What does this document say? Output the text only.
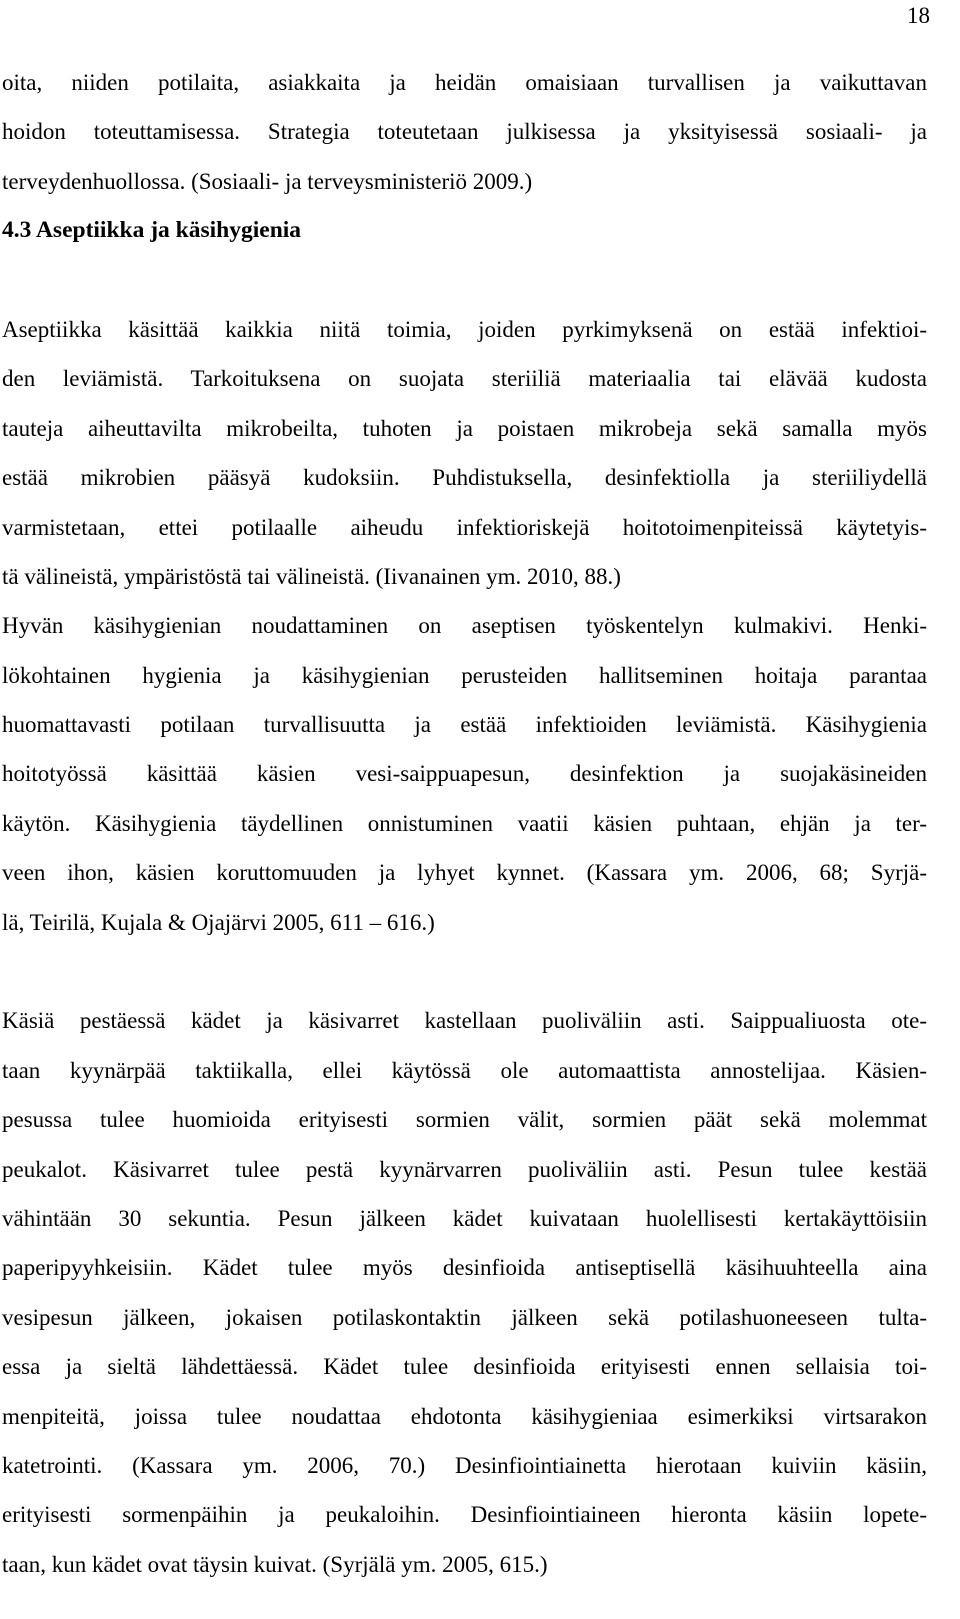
18
oita, niiden potilaita, asiakkaita ja heidän omaisiaan turvallisen ja vaikuttavan
hoidon toteuttamisessa. Strategia toteutetaan julkisessa ja yksityisessä sosiaali- ja
terveydenhuollossa. (Sosiaali- ja terveysministeriö 2009.)
4.3 Aseptiikka ja käsihygienia
Aseptiikka käsittää kaikkia niitä toimia, joiden pyrkimyksenä on estää infektioi-
den leviämistä. Tarkoituksena on suojata steriiliä materiaalia tai elävää kudosta
tauteja aiheuttavilta mikrobeilta, tuhoten ja poistaen mikrobeja sekä samalla myös
estää mikrobien pääsyä kudoksiin. Puhdistuksella, desinfektiolla ja steriiliydellä
varmistetaan, ettei potilaalle aiheudu infektioriskejä hoitotoimenpiteissä käytetyis-
tä välineistä, ympäristöstä tai välineistä. (Iivanainen ym. 2010, 88.)
Hyvän käsihygienian noudattaminen on aseptisen työskentelyn kulmakivi. Henki-
lökohtainen hygienia ja käsihygienian perusteiden hallitseminen hoitaja parantaa
huomattavasti potilaan turvallisuutta ja estää infektioiden leviämistä. Käsihygienia
hoitotyössä käsittää käsien vesi-saippuapesun, desinfektion ja suojakäsineiden
käytön. Käsihygienia täydellinen onnistuminen vaatii käsien puhtaan, ehjän ja ter-
veen ihon, käsien koruttomuuden ja lyhyet kynnet. (Kassara ym. 2006, 68; Syrjä-
lä, Teirilä, Kujala & Ojajärvi 2005, 611 – 616.)
Käsiä pestäessä kädet ja käsivarret kastellaan puoliväliin asti. Saippualiuosta ote-
taan kyynärpää taktiikalla, ellei käytössä ole automaattista annostelijaa. Käsien-
pesussa tulee huomioida erityisesti sormien välit, sormien päät sekä molemmat
peukalot. Käsivarret tulee pestä kyynärvarren puoliväliin asti. Pesun tulee kestää
vähintään 30 sekuntia. Pesun jälkeen kädet kuivataan huolellisesti kertakäyttöisiin
paperipyyhkeisiin. Kädet tulee myös desinfioida antiseptisellä käsihuuhteella aina
vesipesun jälkeen, jokaisen potilaskontaktin jälkeen sekä potilashuoneeseen tulta-
essa ja sieltä lähdettäessä. Kädet tulee desinfioida erityisesti ennen sellaisia toi-
menpiteitä, joissa tulee noudattaa ehdotonta käsihygieniaa esimerkiksi virtsarakon
katetrointi. (Kassara ym. 2006, 70.) Desinfiointiainetta hierotaan kuiviin käsiin,
erityisesti sormenpäihin ja peukaloihin. Desinfiointiaineen hieronta käsiin lopete-
taan, kun kädet ovat täysin kuivat. (Syrjälä ym. 2005, 615.)
